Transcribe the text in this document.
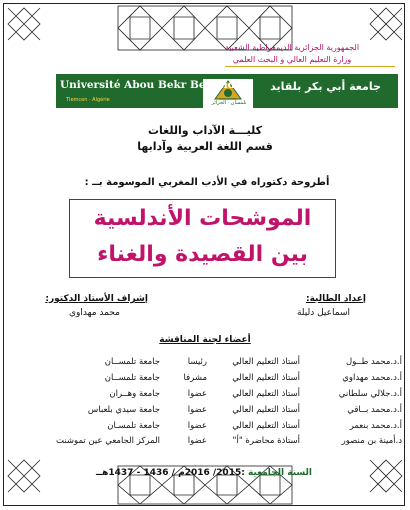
الجمهورية الجزائرية الديمقراطية الشعبية
وزارة التعليم العالي و البحث العلمي
تلمسان · الجزائر
Université Abou Bekr Belkaid
Tlemcen · Algérie
جامعة أبي بكر بلقايد
كليـــة الآداب واللغات
قسم اللغة العربية وآدابها
أطروحة دكتوراه في الأدب المغربي الموسومة بــ :
الموشحات الأندلسية
بين القصيدة والغناء
إعداد الطالبة:
اسماعيل دليلة
إشراف الأستاذ الدكتور:
محمد مهداوي
أعضاء لجنة المناقشة
أ.د.محمد طــول
أستاذ التعليم العالي
رئيسا
جامعة تلمســان
أ.د.محمد مهداوي
أستاذ التعليم العالي
مشرفا
جامعة تلمســان
أ.د.جلالي سلطاني
أستاذ التعليم العالي
عضوا
جامعة وهــران
أ.د.محمد بــاقي
أستاذ التعليم العالي
عضوا
جامعة سيدي بلعباس
أ.د.محمد بنعمر
أستاذ التعليم العالي
عضوا
جامعة تلمسـان
د.أمينة بن منصور
أستاذة محاضرة "أ"
عضوا
المركز الجامعي عين تموشنت
السنة الجامعية :2015/ 2016م / 1436 - 1437هــ
